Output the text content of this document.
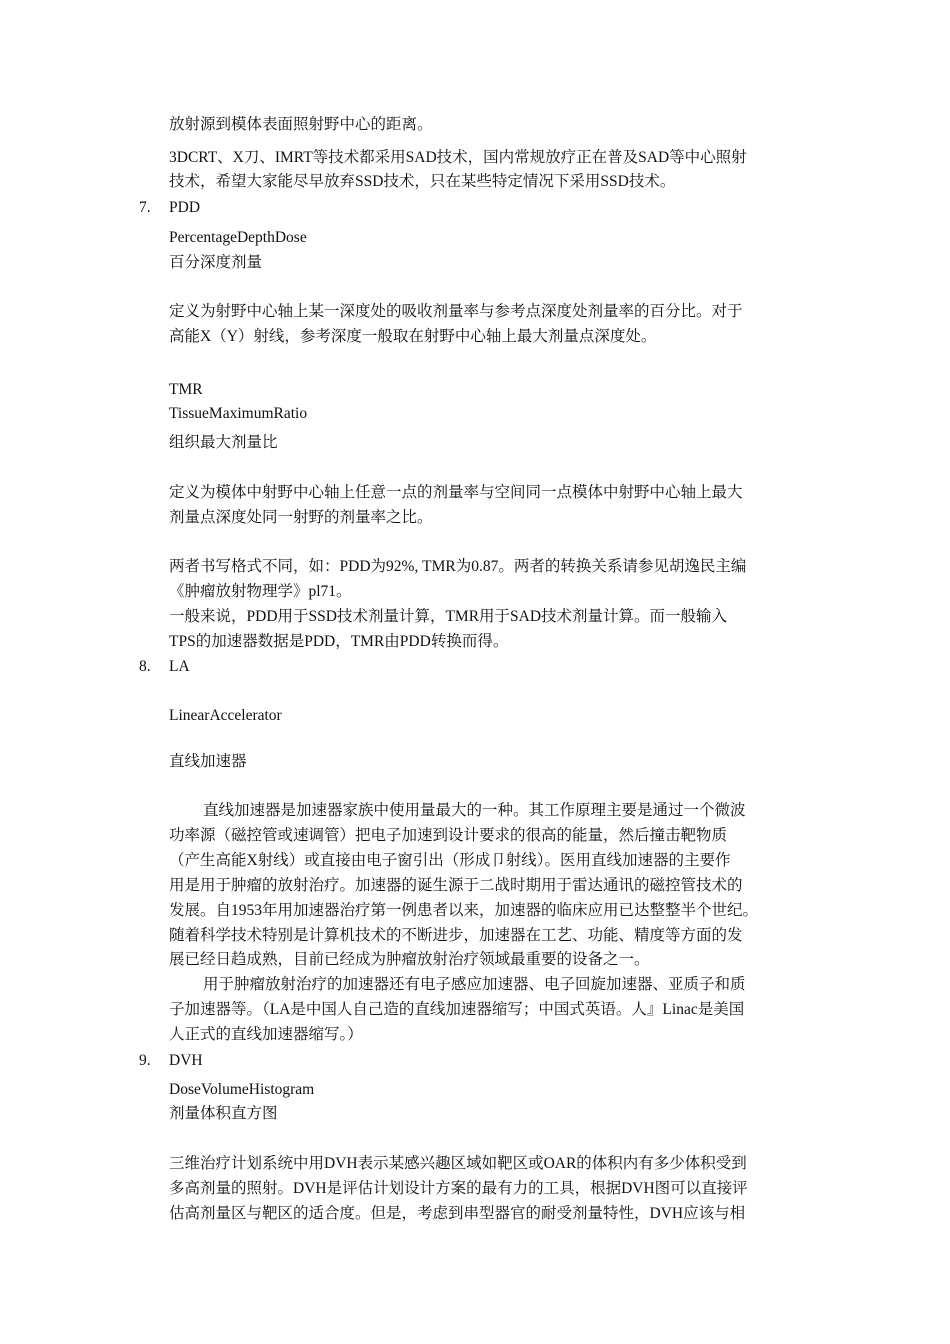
放射源到模体表面照射野中心的距离。
3DCRT、X刀、IMRT等技术都采用SAD技术，国内常规放疗正在普及SAD等中心照射
技术，希望大家能尽早放弃SSD技术，只在某些特定情况下采用SSD技术。
7. PDD
PercentageDepthDose
百分深度剂量
定义为射野中心轴上某一深度处的吸收剂量率与参考点深度处剂量率的百分比。对于
高能X（Y）射线，参考深度一般取在射野中心轴上最大剂量点深度处。
TMR
TissueMaximumRatio
组织最大剂量比
定义为模体中射野中心轴上任意一点的剂量率与空间同一点模体中射野中心轴上最大
剂量点深度处同一射野的剂量率之比。
两者书写格式不同，如：PDD为92%, TMR为0.87。两者的转换关系请参见胡逸民主编
《肿瘤放射物理学》pl71。
一般来说，PDD用于SSD技术剂量计算，TMR用于SAD技术剂量计算。而一般输入
TPS的加速器数据是PDD，TMR由PDD转换而得。
8. LA
LinearAccelerator
直线加速器
直线加速器是加速器家族中使用量最大的一种。其工作原理主要是通过一个微波
功率源（磁控管或速调管）把电子加速到设计要求的很高的能量，然后撞击靶物质
（产生高能X射线）或直接由电子窗引出（形成卩射线）。医用直线加速器的主要作
用是用于肿瘤的放射治疗。加速器的诞生源于二战时期用于雷达通讯的磁控管技术的
发展。自1953年用加速器治疗第一例患者以来，加速器的临床应用已达整整半个世纪。
随着科学技术特别是计算机技术的不断进步，加速器在工艺、功能、精度等方面的发
展已经日趋成熟，目前已经成为肿瘤放射治疗领域最重要的设备之一。
用于肿瘤放射治疗的加速器还有电子感应加速器、电子回旋加速器、亚质子和质
子加速器等。（LA是中国人自己造的直线加速器缩写；中国式英语。人』Linac是美国
人正式的直线加速器缩写。）
9. DVH
DoseVolumeHistogram
剂量体积直方图
三维治疗计划系统中用DVH表示某感兴趣区域如靶区或OAR的体积内有多少体积受到
多高剂量的照射。DVH是评估计划设计方案的最有力的工具，根据DVH图可以直接评
估高剂量区与靶区的适合度。但是，考虑到串型器官的耐受剂量特性，DVH应该与相
